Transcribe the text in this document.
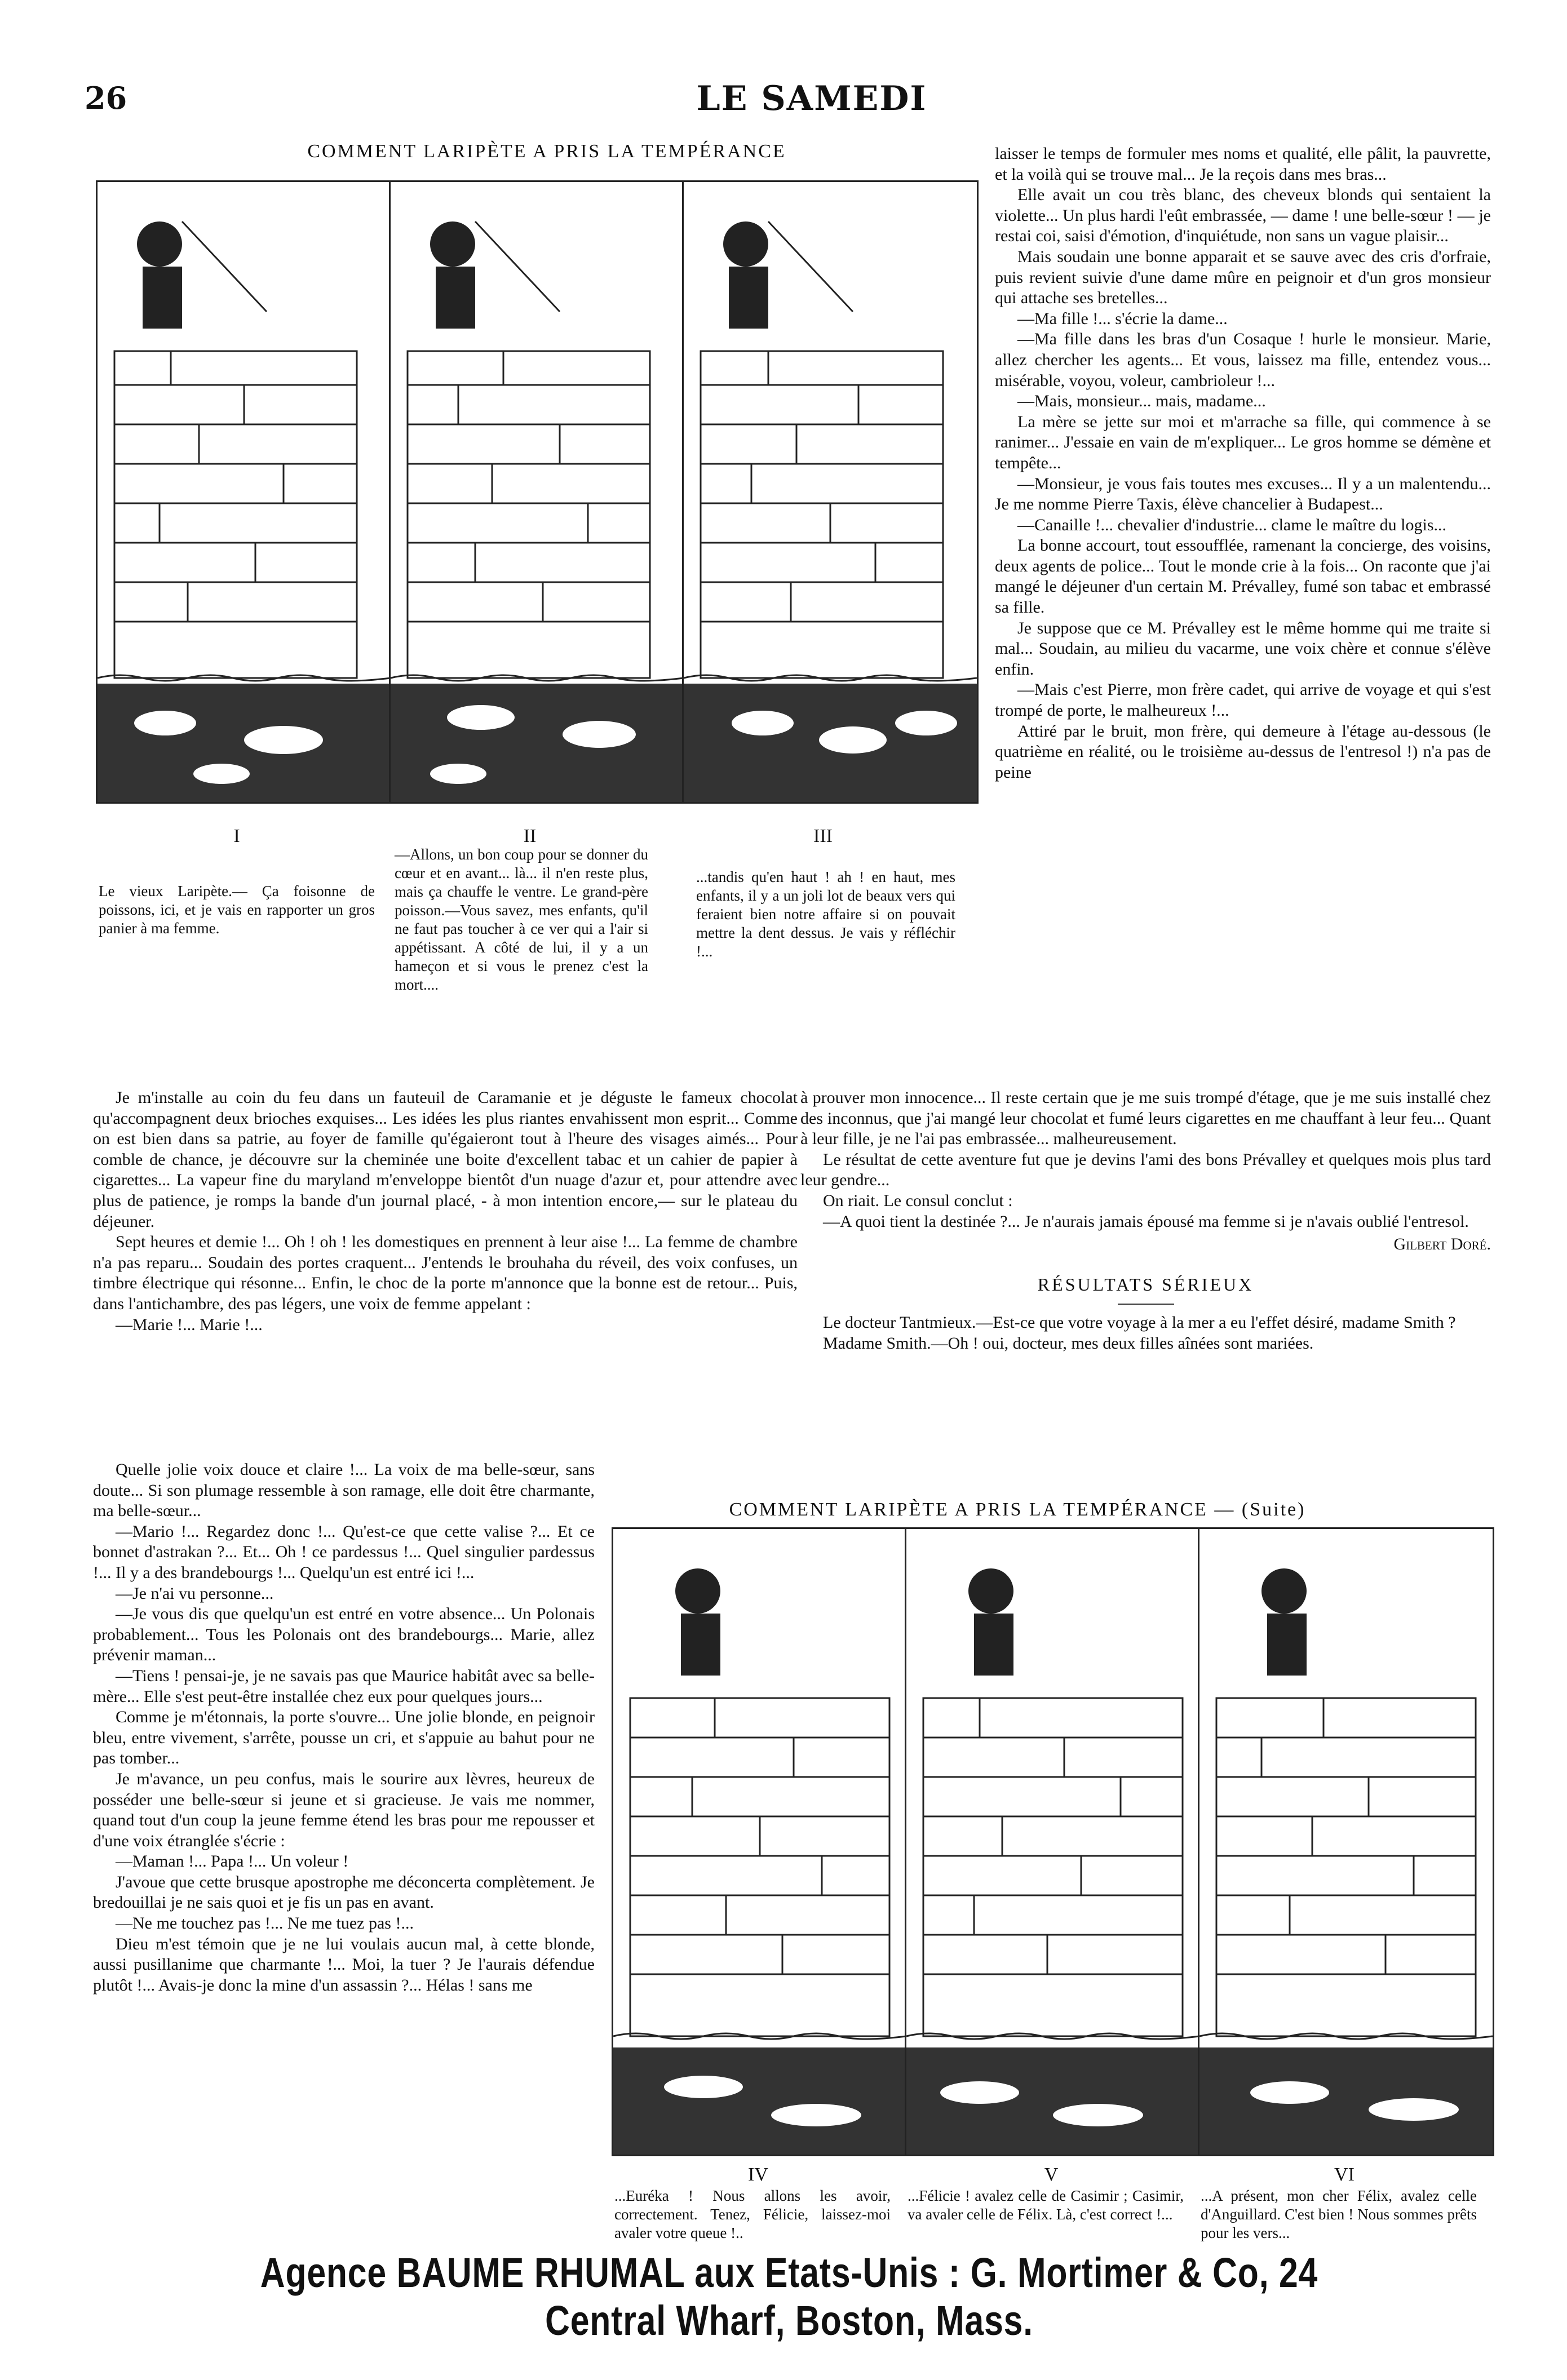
26	LE SAMEDI
COMMENT LARIPÈTE A PRIS LA TEMPÉRANCE
I	II	III
Le vieux Laripète.— Ça foisonne de poissons, ici, et je vais en rapporter un gros panier à ma femme.
—Allons, un bon coup pour se donner du cœur et en avant... là... il n'en reste plus, mais ça chauffe le ventre. Le grand-père poisson.—Vous savez, mes enfants, qu'il ne faut pas toucher à ce ver qui a l'air si appétissant. A côté de lui, il y a un hameçon et si vous le prenez c'est la mort....
...tandis qu'en haut ! ah ! en haut, mes enfants, il y a un joli lot de beaux vers qui feraient bien notre affaire si on pouvait mettre la dent dessus. Je vais y réfléchir !...

laisser le temps de formuler mes noms et qualité, elle pâlit, la pauvrette, et la voilà qui se trouve mal... Je la reçois dans mes bras...

Elle avait un cou très blanc, des cheveux blonds qui sentaient la violette... Un plus hardi l'eût embrassée, — dame ! une belle-sœur ! — je restai coi, saisi d'émotion, d'inquiétude, non sans un vague plaisir...

Mais soudain une bonne apparait et se sauve avec des cris d'orfraie, puis revient suivie d'une dame mûre en peignoir et d'un gros monsieur qui attache ses bretelles...

—Ma fille !... s'écrie la dame...

—Ma fille dans les bras d'un Cosaque ! hurle le monsieur. Marie, allez chercher les agents... Et vous, laissez ma fille, entendez vous... misérable, voyou, voleur, cambrioleur !...

—Mais, monsieur... mais, madame...

La mère se jette sur moi et m'arrache sa fille, qui commence à se ranimer... J'essaie en vain de m'expliquer... Le gros homme se démène et tempête...

—Monsieur, je vous fais toutes mes excuses... Il y a un malentendu... Je me nomme Pierre Taxis, élève chancelier à Budapest...

—Canaille !... chevalier d'industrie... clame le maître du logis...

La bonne accourt, tout essoufflée, ramenant la concierge, des voisins, deux agents de police... Tout le monde crie à la fois... On raconte que j'ai mangé le déjeuner d'un certain M. Prévalley, fumé son tabac et embrassé sa fille.

Je suppose que ce M. Prévalley est le même homme qui me traite si mal... Soudain, au milieu du vacarme, une voix chère et connue s'élève enfin.

—Mais c'est Pierre, mon frère cadet, qui arrive de voyage et qui s'est trompé de porte, le malheureux !...

Attiré par le bruit, mon frère, qui demeure à l'étage au-dessous (le quatrième en réalité, ou le troisième au-dessus de l'entresol !) n'a pas de peine

Je m'installe au coin du feu dans un fauteuil de Caramanie et je déguste le fameux chocolat qu'accompagnent deux brioches exquises... Les idées les plus riantes envahissent mon esprit... Comme on est bien dans sa patrie, au foyer de famille qu'égaieront tout à l'heure des visages aimés... Pour comble de chance, je découvre sur la cheminée une boite d'excellent tabac et un cahier de papier à cigarettes... La vapeur fine du maryland m'enveloppe bientôt d'un nuage d'azur et, pour attendre avec plus de patience, je romps la bande d'un journal placé, - à mon intention encore,— sur le plateau du déjeuner.

Sept heures et demie !... Oh ! oh ! les domestiques en prennent à leur aise !... La femme de chambre n'a pas reparu... Soudain des portes craquent... J'entends le brouhaha du réveil, des voix confuses, un timbre électrique qui résonne... Enfin, le choc de la porte m'annonce que la bonne est de retour... Puis, dans l'antichambre, des pas légers, une voix de femme appelant :

—Marie !... Marie !...

Quelle jolie voix douce et claire !... La voix de ma belle-sœur, sans doute... Si son plumage ressemble à son ramage, elle doit être charmante, ma belle-sœur...

—Mario !... Regardez donc !... Qu'est-ce que cette valise ?... Et ce bonnet d'astrakan ?... Et... Oh ! ce pardessus !... Quel singulier pardessus !... Il y a des brandebourgs !... Quelqu'un est entré ici !...

—Je n'ai vu personne...

—Je vous dis que quelqu'un est entré en votre absence... Un Polonais probablement... Tous les Polonais ont des brandebourgs... Marie, allez prévenir maman...

—Tiens ! pensai-je, je ne savais pas que Maurice habitât avec sa belle-mère... Elle s'est peut-être installée chez eux pour quelques jours...

Comme je m'étonnais, la porte s'ouvre... Une jolie blonde, en peignoir bleu, entre vivement, s'arrête, pousse un cri, et s'appuie au bahut pour ne pas tomber...

Je m'avance, un peu confus, mais le sourire aux lèvres, heureux de posséder une belle-sœur si jeune et si gracieuse. Je vais me nommer, quand tout d'un coup la jeune femme étend les bras pour me repousser et d'une voix étranglée s'écrie :

—Maman !... Papa !... Un voleur !

J'avoue que cette brusque apostrophe me déconcerta complètement. Je bredouillai je ne sais quoi et je fis un pas en avant.

—Ne me touchez pas !... Ne me tuez pas !...

Dieu m'est témoin que je ne lui voulais aucun mal, à cette blonde, aussi pusillanime que charmante !... Moi, la tuer ? Je l'aurais défendue plutôt !... Avais-je donc la mine d'un assassin ?... Hélas ! sans me

à prouver mon innocence... Il reste certain que je me suis trompé d'étage, que je me suis installé chez des inconnus, que j'ai mangé leur chocolat et fumé leurs cigarettes en me chauffant à leur feu... Quant à leur fille, je ne l'ai pas embrassée... malheureusement.

Le résultat de cette aventure fut que je devins l'ami des bons Prévalley et quelques mois plus tard leur gendre...

On riait. Le consul conclut :

—A quoi tient la destinée ?... Je n'aurais jamais épousé ma femme si je n'avais oublié l'entresol.

Gilbert Doré.
RÉSULTATS SÉRIEUX

Le docteur Tantmieux.—Est-ce que votre voyage à la mer a eu l'effet désiré, madame Smith ?

Madame Smith.—Oh ! oui, docteur, mes deux filles aînées sont mariées.

COMMENT LARIPÈTE A PRIS LA TEMPÉRANCE — (Suite)
IV	V	VI
...Euréka ! Nous allons les avoir, correctement. Tenez, Félicie, laissez-moi avaler votre queue !..
...Félicie ! avalez celle de Casimir ; Casimir, va avaler celle de Félix. Là, c'est correct !...
...A présent, mon cher Félix, avalez celle d'Anguillard. C'est bien ! Nous sommes prêts pour les vers...
Agence BAUME RHUMAL aux Etats-Unis : G. Mortimer & Co, 24 Central Wharf, Boston, Mass.
